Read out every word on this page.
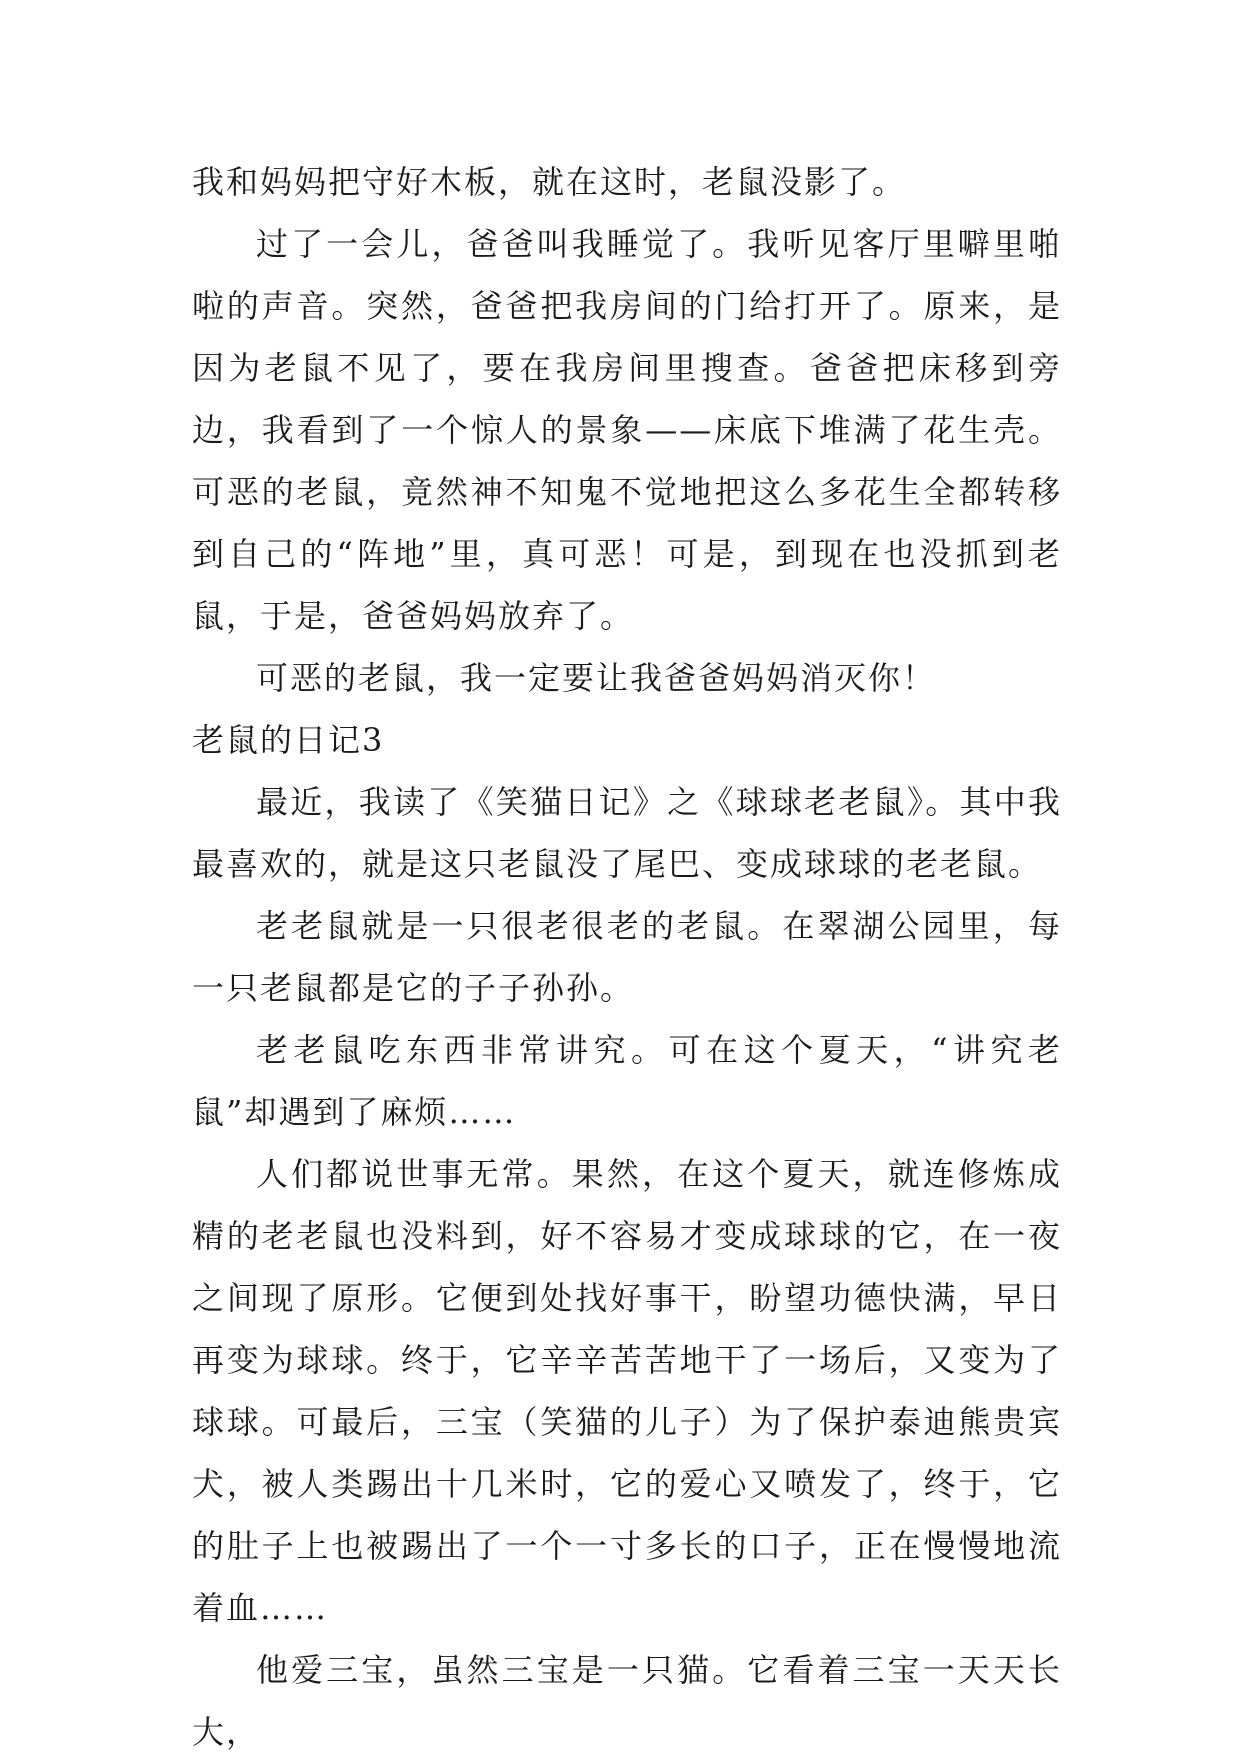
我和妈妈把守好木板，就在这时，老鼠没影了。

过了一会儿，爸爸叫我睡觉了。我听见客厅里噼里啪啦的声音。突然，爸爸把我房间的门给打开了。原来，是因为老鼠不见了，要在我房间里搜查。爸爸把床移到旁边，我看到了一个惊人的景象——床底下堆满了花生壳。可恶的老鼠，竟然神不知鬼不觉地把这么多花生全都转移到自己的“阵地”里，真可恶！可是，到现在也没抓到老鼠，于是，爸爸妈妈放弃了。

可恶的老鼠，我一定要让我爸爸妈妈消灭你！

老鼠的日记3

最近，我读了《笑猫日记》之《球球老老鼠》。其中我最喜欢的，就是这只老鼠没了尾巴、变成球球的老老鼠。

老老鼠就是一只很老很老的老鼠。在翠湖公园里，每一只老鼠都是它的子子孙孙。

老老鼠吃东西非常讲究。可在这个夏天，“讲究老鼠”却遇到了麻烦……

人们都说世事无常。果然，在这个夏天，就连修炼成精的老老鼠也没料到，好不容易才变成球球的它，在一夜之间现了原形。它便到处找好事干，盼望功德快满，早日再变为球球。终于，它辛辛苦苦地干了一场后，又变为了球球。可最后，三宝（笑猫的儿子）为了保护泰迪熊贵宾犬，被人类踢出十几米时，它的爱心又喷发了，终于，它的肚子上也被踢出了一个一寸多长的口子，正在慢慢地流着血……

他爱三宝，虽然三宝是一只猫。它看着三宝一天天长大，
